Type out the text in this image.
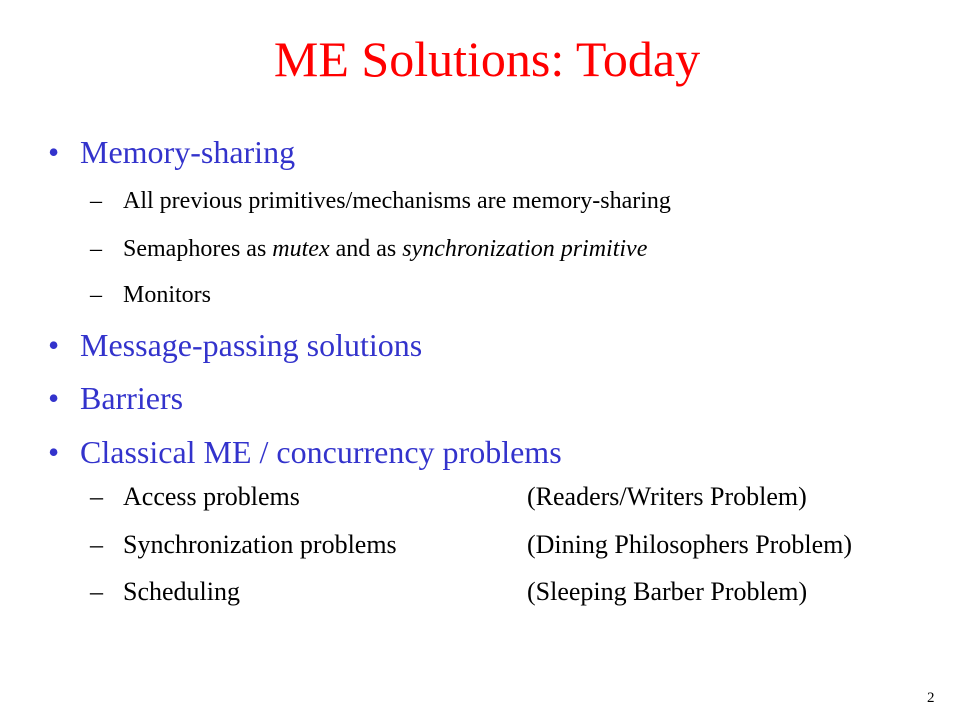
ME Solutions: Today
• Memory-sharing
– All previous primitives/mechanisms are memory-sharing
– Semaphores as mutex and as synchronization primitive
– Monitors
• Message-passing solutions
• Barriers
• Classical ME / concurrency problems
– Access problems	(Readers/Writers Problem)
– Synchronization problems	(Dining Philosophers Problem)
– Scheduling	(Sleeping Barber Problem)
2
